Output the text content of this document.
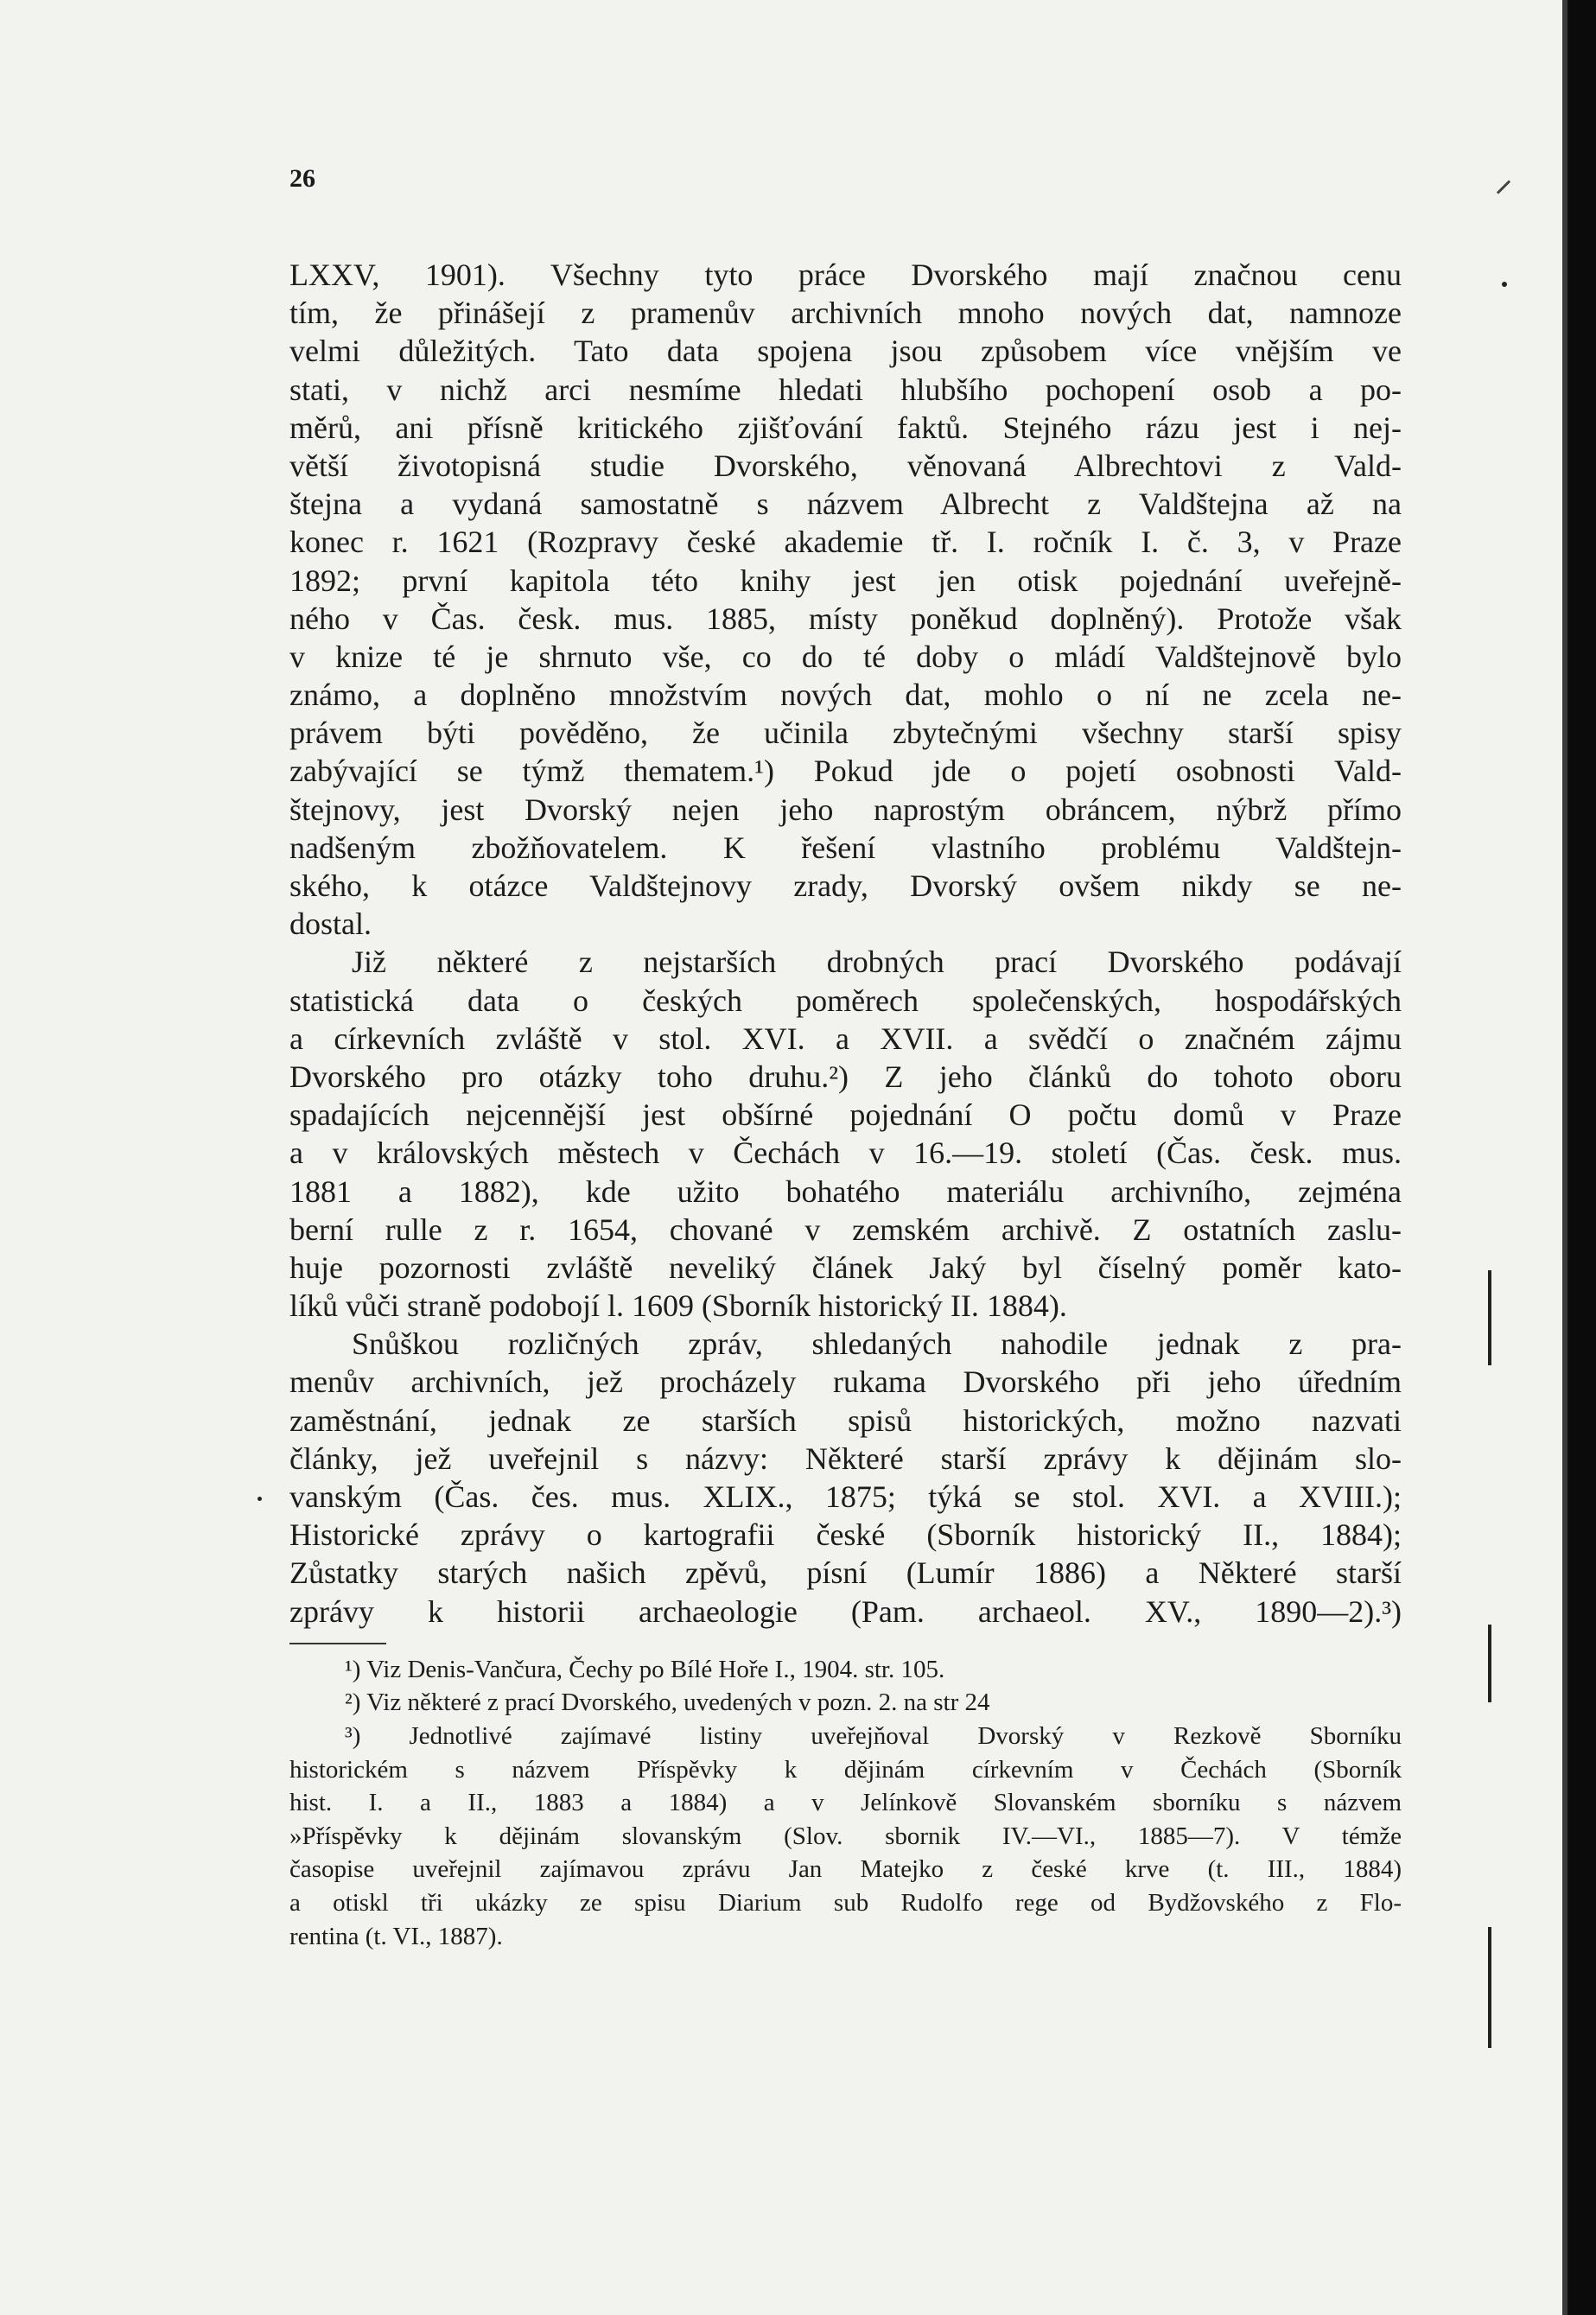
26
LXXV, 1901). Všechny tyto práce Dvorského mají značnou cenu
tím, že přinášejí z pramenův archivních mnoho nových dat, namnoze
velmi důležitých. Tato data spojena jsou způsobem více vnějším ve
stati, v nichž arci nesmíme hledati hlubšího pochopení osob a po-
měrů, ani přísně kritického zjišťování faktů. Stejného rázu jest i nej-
větší životopisná studie Dvorského, věnovaná Albrechtovi z Vald-
štejna a vydaná samostatně s názvem Albrecht z Valdštejna až na
konec r. 1621 (Rozpravy české akademie tř. I. ročník I. č. 3, v Praze
1892; první kapitola této knihy jest jen otisk pojednání uveřejně-
ného v Čas. česk. mus. 1885, místy poněkud doplněný). Protože však
v knize té je shrnuto vše, co do té doby o mládí Valdštejnově bylo
známo, a doplněno množstvím nových dat, mohlo o ní ne zcela ne-
právem býti pověděno, že učinila zbytečnými všechny starší spisy
zabývající se týmž thematem.¹) Pokud jde o pojetí osobnosti Vald-
štejnovy, jest Dvorský nejen jeho naprostým obráncem, nýbrž přímo
nadšeným zbožňovatelem. K řešení vlastního problému Valdštejn-
ského, k otázce Valdštejnovy zrady, Dvorský ovšem nikdy se ne-
dostal.
Již některé z nejstarších drobných prací Dvorského podávají
statistická data o českých poměrech společenských, hospodářských
a církevních zvláště v stol. XVI. a XVII. a svědčí o značném zájmu
Dvorského pro otázky toho druhu.²) Z jeho článků do tohoto oboru
spadajících nejcennější jest obšírné pojednání O počtu domů v Praze
a v královských městech v Čechách v 16.—19. století (Čas. česk. mus.
1881 a 1882), kde užito bohatého materiálu archivního, zejména
berní rulle z r. 1654, chované v zemském archivě. Z ostatních zaslu-
huje pozornosti zvláště neveliký článek Jaký byl číselný poměr kato-
líků vůči straně podobojí l. 1609 (Sborník historický II. 1884).
Snůškou rozličných zpráv, shledaných nahodile jednak z pra-
menův archivních, jež procházely rukama Dvorského při jeho úředním
zaměstnání, jednak ze starších spisů historických, možno nazvati
články, jež uveřejnil s názvy: Některé starší zprávy k dějinám slo-
vanským (Čas. čes. mus. XLIX., 1875; týká se stol. XVI. a XVIII.);
Historické zprávy o kartografii české (Sborník historický II., 1884);
Zůstatky starých našich zpěvů, písní (Lumír 1886) a Některé starší
zprávy k historii archaeologie (Pam. archaeol. XV., 1890—2).³)
¹) Viz Denis-Vančura, Čechy po Bílé Hoře I., 1904. str. 105.
²) Viz některé z prací Dvorského, uvedených v pozn. 2. na str 24
³) Jednotlivé zajímavé listiny uveřejňoval Dvorský v Rezkově Sborníku
historickém s názvem Příspěvky k dějinám církevním v Čechách (Sborník
hist. I. a II., 1883 a 1884) a v Jelínkově Slovanském sborníku s názvem
»Příspěvky k dějinám slovanským (Slov. sbornik IV.—VI., 1885—7). V témže
časopise uveřejnil zajímavou zprávu Jan Matejko z české krve (t. III., 1884)
a otiskl tři ukázky ze spisu Diarium sub Rudolfo rege od Bydžovského z Flo-
rentina (t. VI., 1887).
